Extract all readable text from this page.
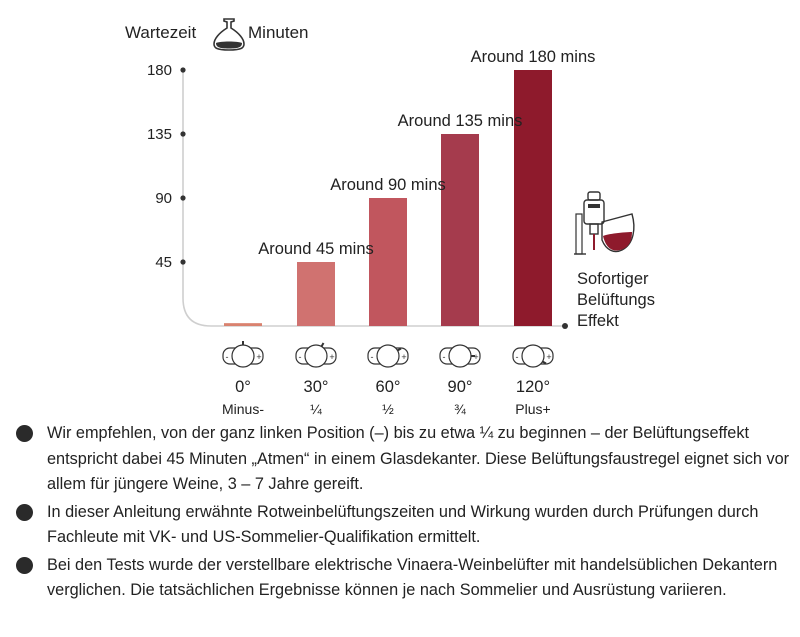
Wartezeit	Minuten
45
90
135
180
Around 45 mins
Around 90 mins
Around 135 mins
Around 180 mins
-	+	-	+	-	+	-	+	-	+
0°
Minus-
30°
¼
60°
½
90°
¾
120°
Plus+
Sofortiger Belüftungs Effekt
Wir empfehlen, von der ganz linken Position (–) bis zu etwa ¼ zu beginnen – der Belüftungseffekt entspricht dabei 45 Minuten „Atmen“ in einem Glasdekanter. Diese Belüftungsfaustregel eignet sich vor allem für jüngere Weine, 3 – 7 Jahre gereift.
In dieser Anleitung erwähnte Rotweinbelüftungszeiten und Wirkung wurden durch Prüfungen durch Fachleute mit VK- und US-Sommelier-Qualifikation ermittelt.
Bei den Tests wurde der verstellbare elektrische Vinaera-Weinbelüfter mit handelsüblichen Dekantern verglichen. Die tatsächlichen Ergebnisse können je nach Sommelier und Ausrüstung variieren.
